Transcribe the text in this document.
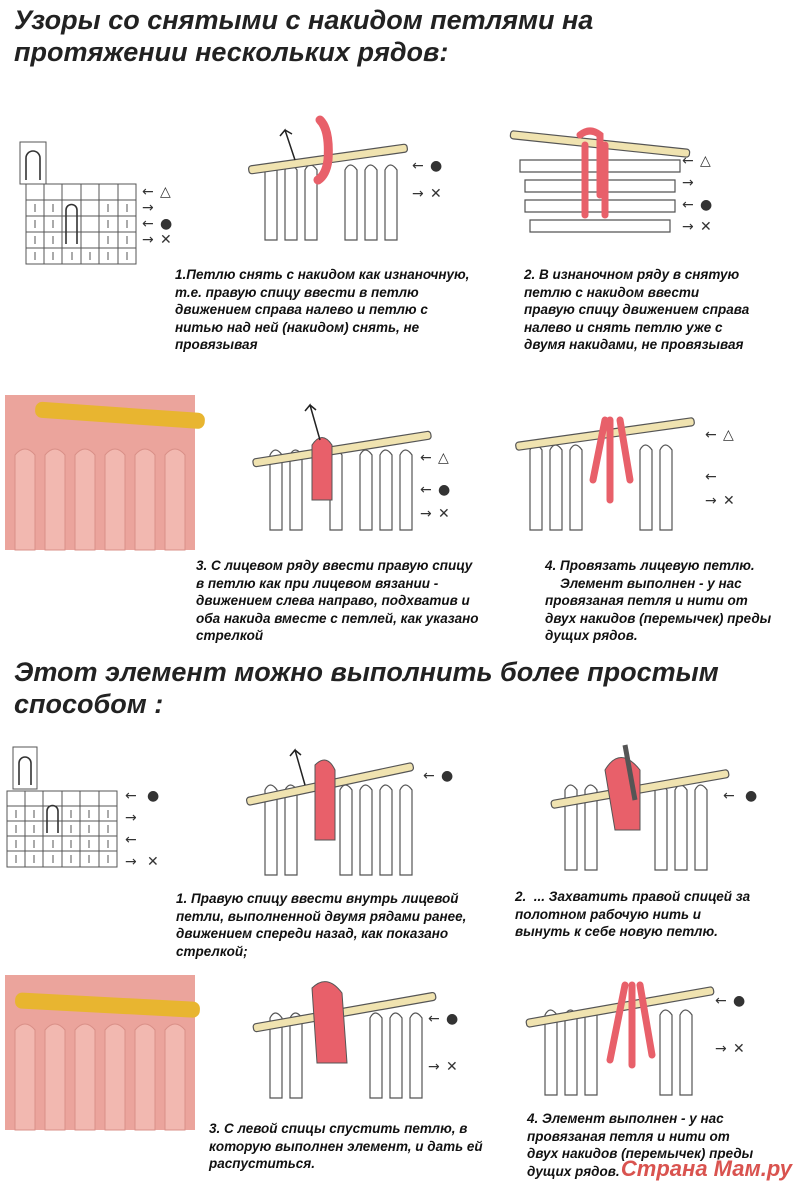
Узоры со снятыми с накидом петлями на
протяжении нескольких рядов:
Этот элемент можно выполнить более простым
способом :
← △
→
← ●
→ ✕
← ●
→ ✕
← △
→
← ●
→ ✕

1.Петлю снять с накидом как изнаночную,
т.е. правую спицу ввести в петлю
движением справа налево и петлю с
нитью над ней (накидом) снять, не
провязывая

2. В изнаночном ряду в снятую
петлю с накидом ввести
правую спицу движением справа
налево и снять петлю уже с
двумя накидами, не провязывая

← △
← ●
→ ✕
← △
←
→ ✕

3. С лицевом ряду ввести правую спицу
в петлю как при лицевом вязании -
движением слева направо, подхватив и
оба накида вместе с петлей, как указано
стрелкой

4. Провязать лицевую петлю.
Элемент выполнен - у нас
провязаная петля и нити от
двух накидов (перемычек) преды
дущих рядов.

← ●
→
←
→ ✕
← ●
← ●

1. Правую спицу ввести внутрь лицевой
петли, выполненной двумя рядами ранее,
движением спереди назад, как показано
стрелкой;

2.  ... Захватить правой спицей за
полотном рабочую нить и
вынуть к себе новую петлю.

← ●
→ ✕
← ●
→ ✕

3. С левой спицы спустить петлю, в
которую выполнен элемент, и дать ей
распуститься.

4. Элемент выполнен - у нас
провязаная петля и нити от
двух накидов (перемычек) преды
дущих рядов. Страна Мам.ру
